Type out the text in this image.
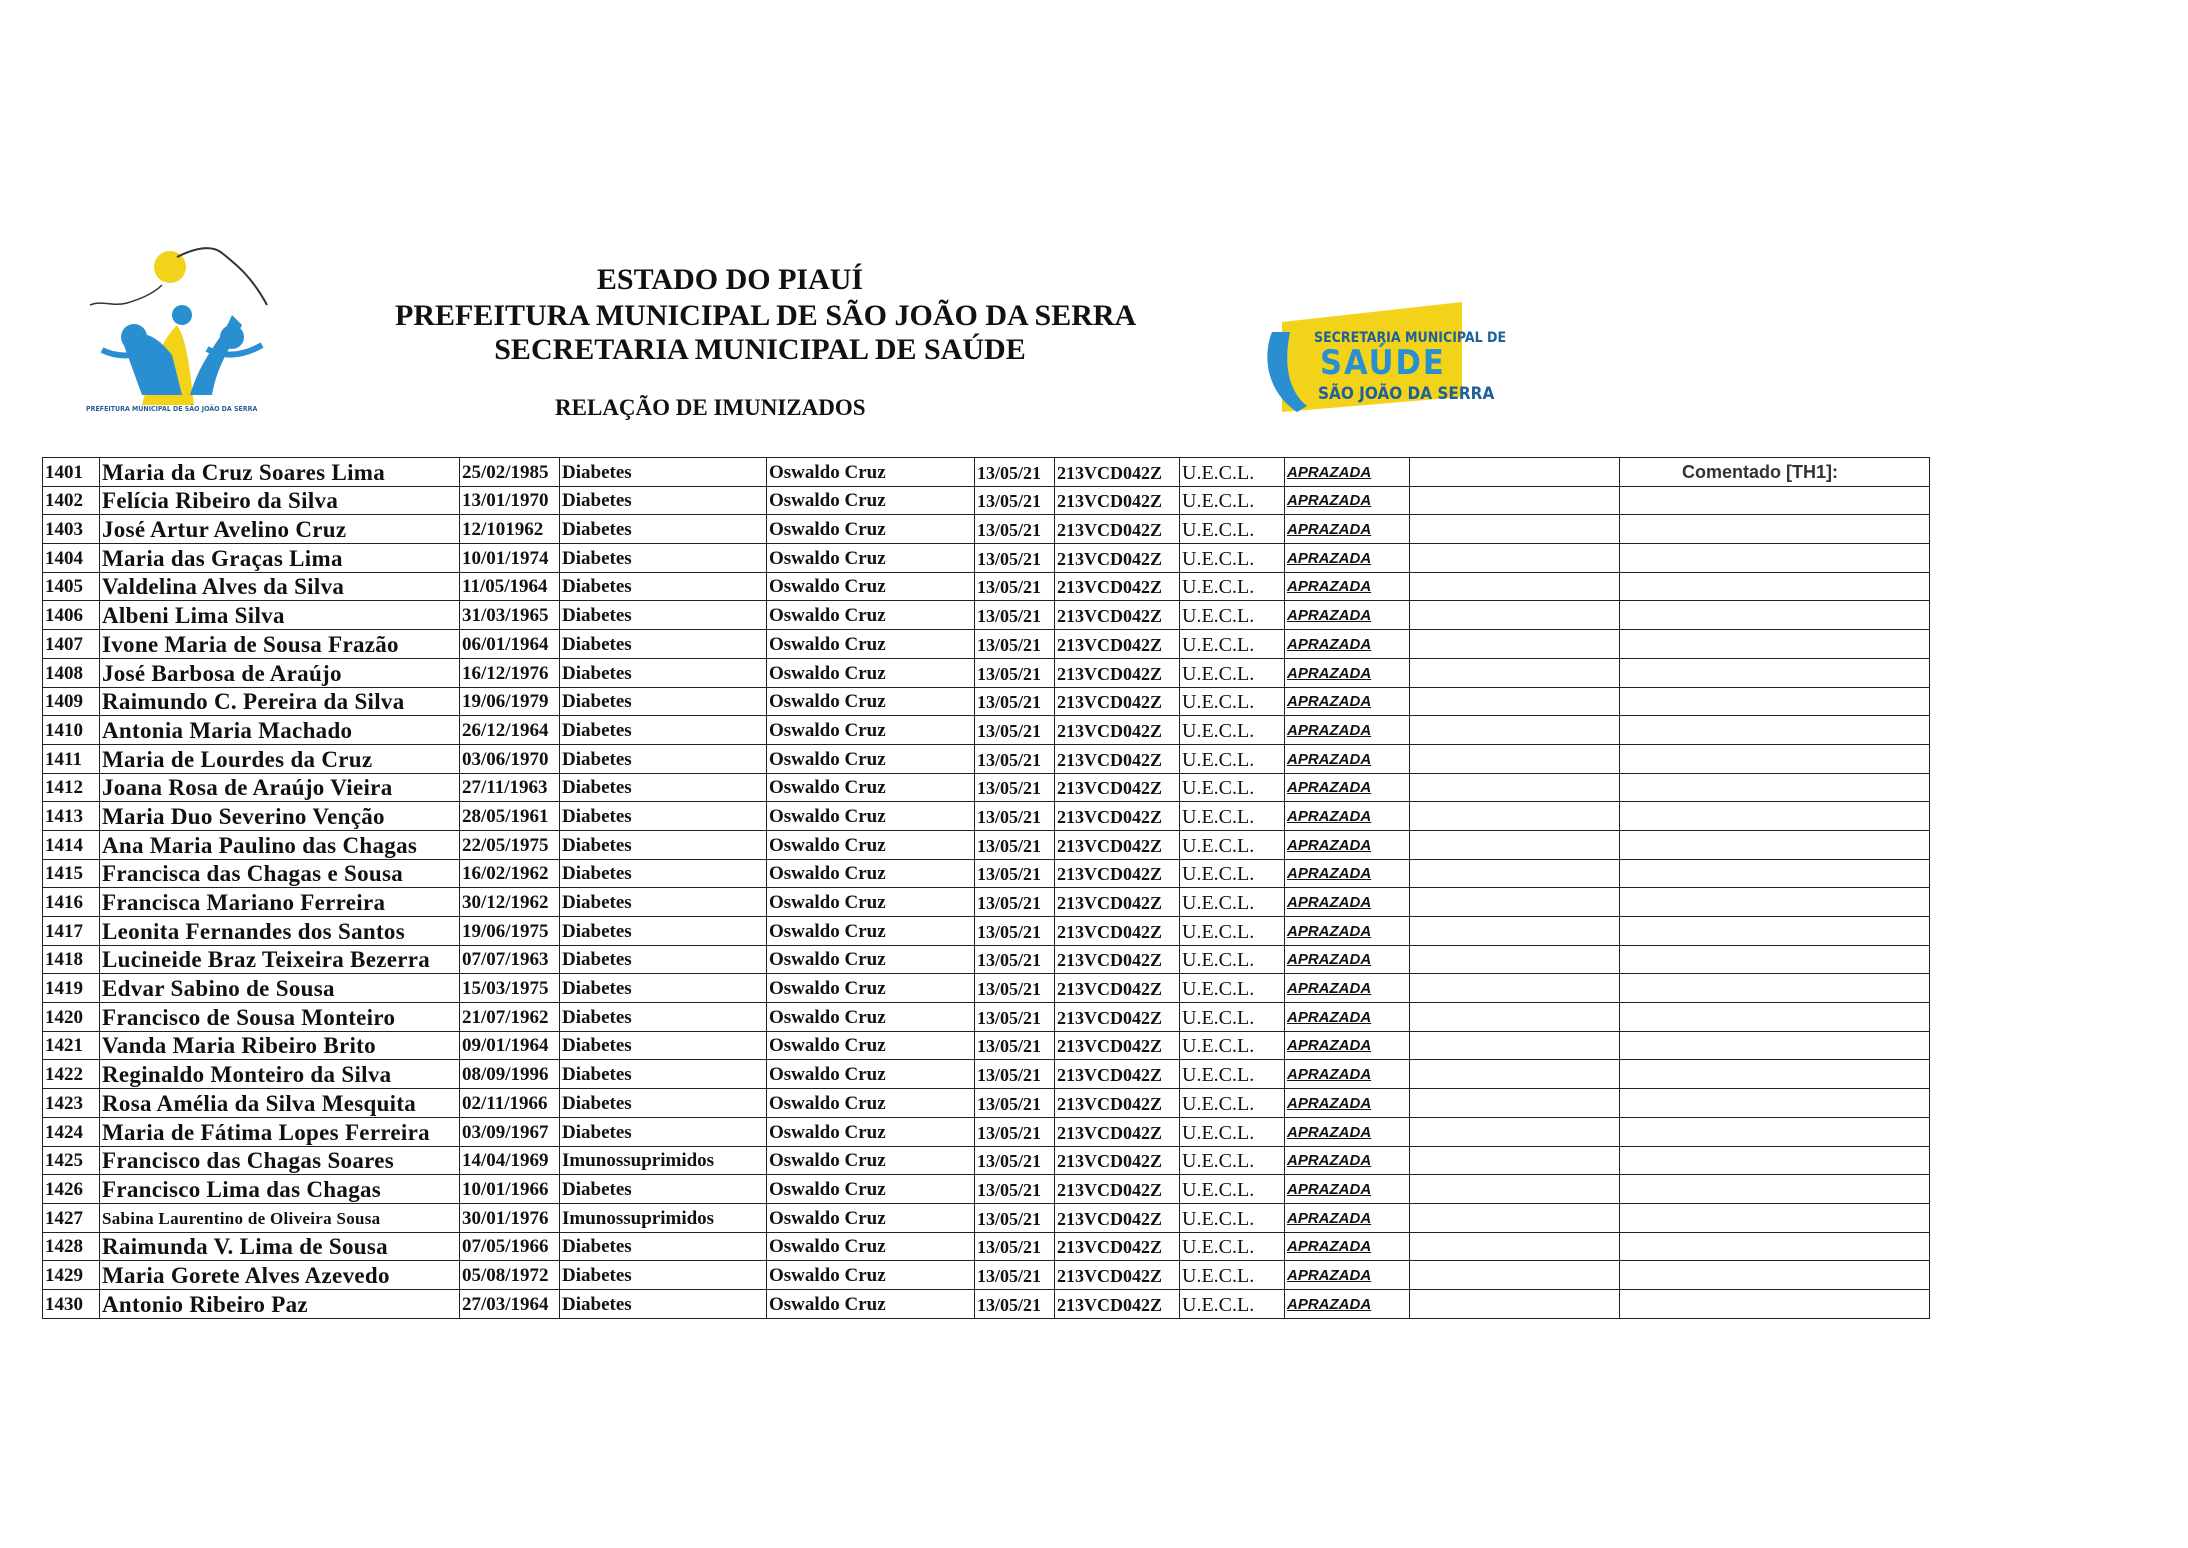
PREFEITURA MUNICIPAL DE SÃO JOÃO DA SERRA
ESTADO DO PIAUÍ
PREFEITURA MUNICIPAL DE SÃO JOÃO DA SERRA
SECRETARIA MUNICIPAL DE SAÚDE
RELAÇÃO DE IMUNIZADOS
SECRETARIA MUNICIPAL DE
SAÚDE
SÃO JOÃO DA SERRA
Comentado [TH1]:
1401	Maria da Cruz Soares Lima	25/02/1985	Diabetes	Oswaldo Cruz	13/05/21	213VCD042Z	U.E.C.L.	APRAZADA		
1402	Felícia Ribeiro da Silva	13/01/1970	Diabetes	Oswaldo Cruz	13/05/21	213VCD042Z	U.E.C.L.	APRAZADA		
1403	José Artur Avelino Cruz	12/101962	Diabetes	Oswaldo Cruz	13/05/21	213VCD042Z	U.E.C.L.	APRAZADA		
1404	Maria das Graças Lima	10/01/1974	Diabetes	Oswaldo Cruz	13/05/21	213VCD042Z	U.E.C.L.	APRAZADA		
1405	Valdelina Alves da Silva	11/05/1964	Diabetes	Oswaldo Cruz	13/05/21	213VCD042Z	U.E.C.L.	APRAZADA		
1406	Albeni Lima Silva	31/03/1965	Diabetes	Oswaldo Cruz	13/05/21	213VCD042Z	U.E.C.L.	APRAZADA		
1407	Ivone Maria de Sousa Frazão	06/01/1964	Diabetes	Oswaldo Cruz	13/05/21	213VCD042Z	U.E.C.L.	APRAZADA		
1408	José Barbosa de Araújo	16/12/1976	Diabetes	Oswaldo Cruz	13/05/21	213VCD042Z	U.E.C.L.	APRAZADA		
1409	Raimundo C. Pereira da Silva	19/06/1979	Diabetes	Oswaldo Cruz	13/05/21	213VCD042Z	U.E.C.L.	APRAZADA		
1410	Antonia Maria Machado	26/12/1964	Diabetes	Oswaldo Cruz	13/05/21	213VCD042Z	U.E.C.L.	APRAZADA		
1411	Maria de Lourdes da Cruz	03/06/1970	Diabetes	Oswaldo Cruz	13/05/21	213VCD042Z	U.E.C.L.	APRAZADA		
1412	Joana Rosa de Araújo Vieira	27/11/1963	Diabetes	Oswaldo Cruz	13/05/21	213VCD042Z	U.E.C.L.	APRAZADA		
1413	Maria Duo Severino Venção	28/05/1961	Diabetes	Oswaldo Cruz	13/05/21	213VCD042Z	U.E.C.L.	APRAZADA		
1414	Ana Maria Paulino das Chagas	22/05/1975	Diabetes	Oswaldo Cruz	13/05/21	213VCD042Z	U.E.C.L.	APRAZADA		
1415	Francisca das Chagas e Sousa	16/02/1962	Diabetes	Oswaldo Cruz	13/05/21	213VCD042Z	U.E.C.L.	APRAZADA		
1416	Francisca Mariano Ferreira	30/12/1962	Diabetes	Oswaldo Cruz	13/05/21	213VCD042Z	U.E.C.L.	APRAZADA		
1417	Leonita Fernandes dos Santos	19/06/1975	Diabetes	Oswaldo Cruz	13/05/21	213VCD042Z	U.E.C.L.	APRAZADA		
1418	Lucineide Braz Teixeira Bezerra	07/07/1963	Diabetes	Oswaldo Cruz	13/05/21	213VCD042Z	U.E.C.L.	APRAZADA		
1419	Edvar Sabino de Sousa	15/03/1975	Diabetes	Oswaldo Cruz	13/05/21	213VCD042Z	U.E.C.L.	APRAZADA		
1420	Francisco de Sousa Monteiro	21/07/1962	Diabetes	Oswaldo Cruz	13/05/21	213VCD042Z	U.E.C.L.	APRAZADA		
1421	Vanda Maria Ribeiro Brito	09/01/1964	Diabetes	Oswaldo Cruz	13/05/21	213VCD042Z	U.E.C.L.	APRAZADA		
1422	Reginaldo Monteiro da Silva	08/09/1996	Diabetes	Oswaldo Cruz	13/05/21	213VCD042Z	U.E.C.L.	APRAZADA		
1423	Rosa Amélia da Silva Mesquita	02/11/1966	Diabetes	Oswaldo Cruz	13/05/21	213VCD042Z	U.E.C.L.	APRAZADA		
1424	Maria de Fátima Lopes Ferreira	03/09/1967	Diabetes	Oswaldo Cruz	13/05/21	213VCD042Z	U.E.C.L.	APRAZADA		
1425	Francisco das Chagas Soares	14/04/1969	Imunossuprimidos	Oswaldo Cruz	13/05/21	213VCD042Z	U.E.C.L.	APRAZADA		
1426	Francisco Lima das Chagas	10/01/1966	Diabetes	Oswaldo Cruz	13/05/21	213VCD042Z	U.E.C.L.	APRAZADA		
1427	Sabina Laurentino de Oliveira Sousa	30/01/1976	Imunossuprimidos	Oswaldo Cruz	13/05/21	213VCD042Z	U.E.C.L.	APRAZADA		
1428	Raimunda V. Lima de Sousa	07/05/1966	Diabetes	Oswaldo Cruz	13/05/21	213VCD042Z	U.E.C.L.	APRAZADA		
1429	Maria Gorete Alves Azevedo	05/08/1972	Diabetes	Oswaldo Cruz	13/05/21	213VCD042Z	U.E.C.L.	APRAZADA		
1430	Antonio Ribeiro Paz	27/03/1964	Diabetes	Oswaldo Cruz	13/05/21	213VCD042Z	U.E.C.L.	APRAZADA		
